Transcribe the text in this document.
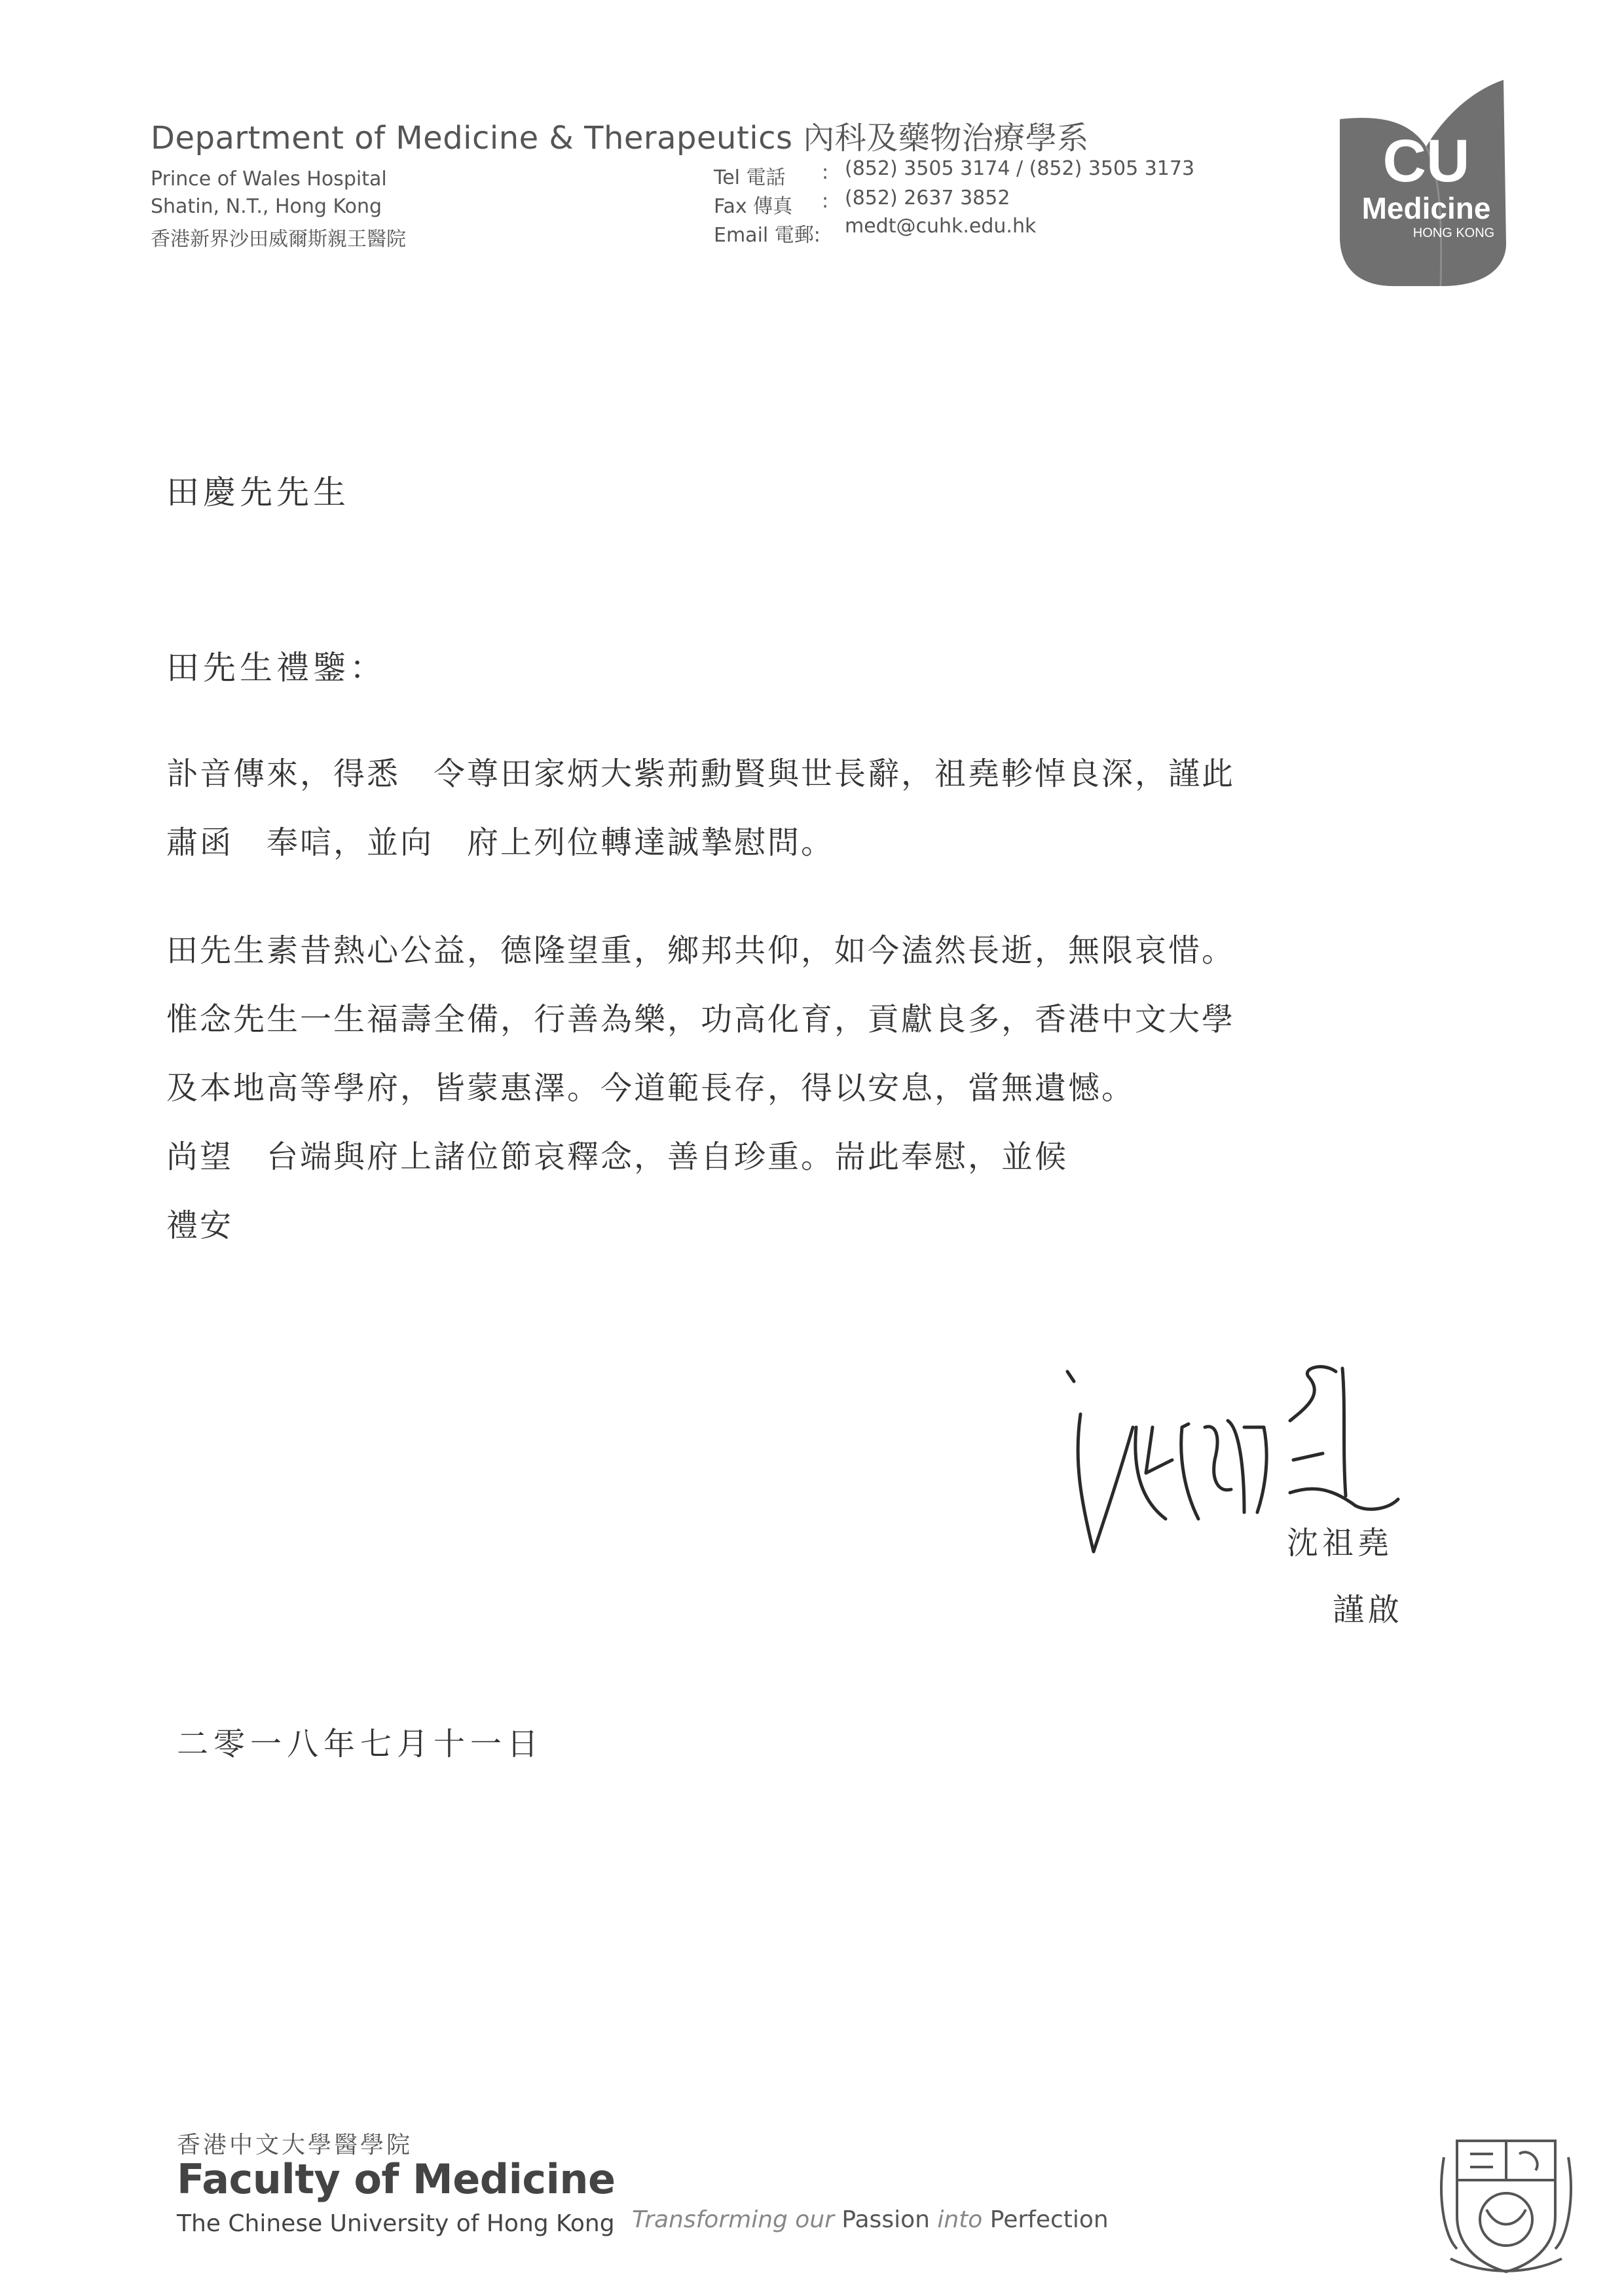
Department of Medicine & Therapeutics 內科及藥物治療學系
Prince of Wales Hospital
Shatin, N.T., Hong Kong
香港新界沙田威爾斯親王醫院
Tel 電話 : (852) 3505 3174 / (852) 3505 3173
Fax 傳真 : (852) 2637 3852
Email 電郵: medt@cuhk.edu.hk
CU
Medicine
HONG KONG
田慶先先生
田先生禮鑒：

訃音傳來，得悉　令尊田家炳大紫荊勳賢與世長辭，祖堯軫悼良深，謹此

肅函　奉唁，並向　府上列位轉達誠摯慰問。

田先生素昔熱心公益，德隆望重，鄉邦共仰，如今溘然長逝，無限哀惜。

惟念先生一生福壽全備，行善為樂，功高化育，貢獻良多，香港中文大學

及本地高等學府，皆蒙惠澤。今道範長存，得以安息，當無遺憾。

尚望　台端與府上諸位節哀釋念，善自珍重。耑此奉慰，並候

禮安

沈祖堯
謹啟
二零一八年七月十一日
香港中文大學醫學院
Faculty of Medicine
The Chinese University of Hong Kong Transforming our Passion into Perfection
